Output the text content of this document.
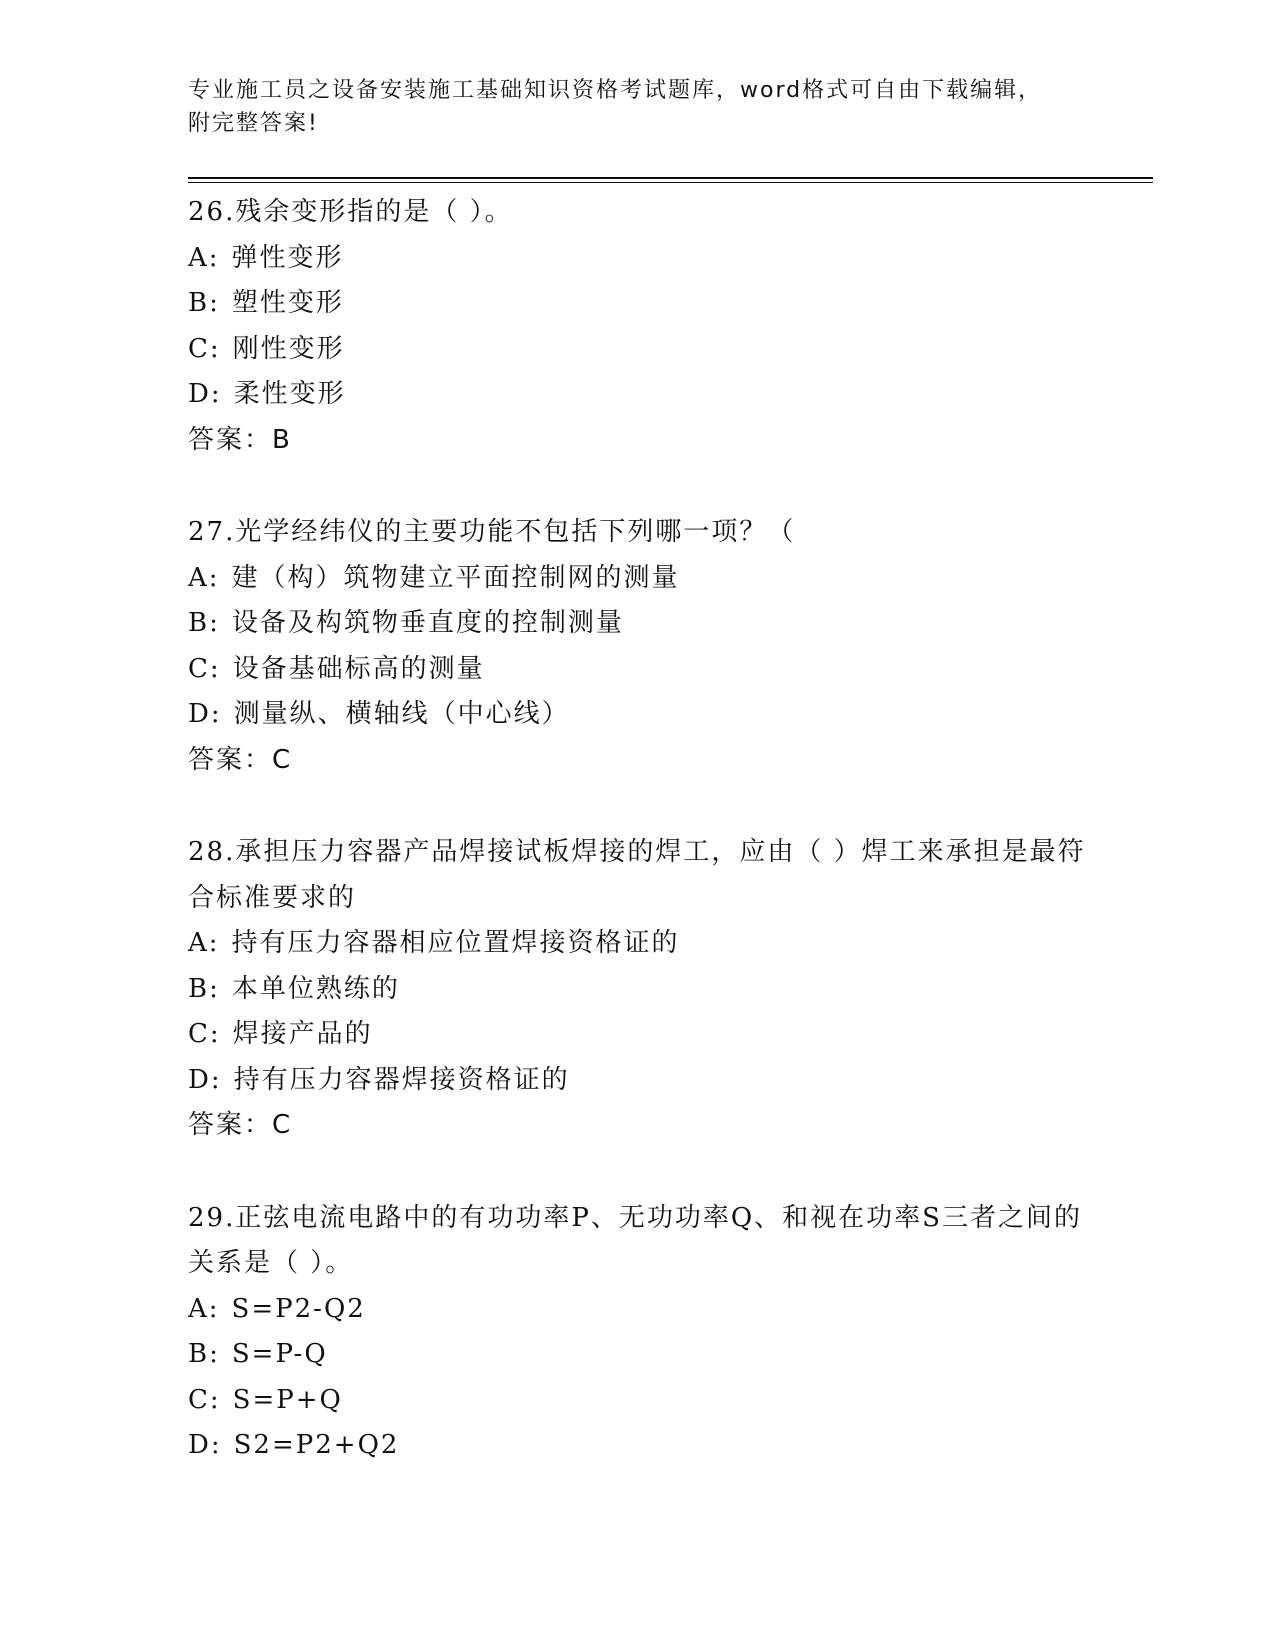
专业施工员之设备安装施工基础知识资格考试题库，word格式可自由下载编辑，
附完整答案!
26.残余变形指的是（ ）。
A: 弹性变形
B: 塑性变形
C: 刚性变形
D: 柔性变形
答案：B
27.光学经纬仪的主要功能不包括下列哪一项？（
A: 建（构）筑物建立平面控制网的测量
B: 设备及构筑物垂直度的控制测量
C: 设备基础标高的测量
D: 测量纵、横轴线（中心线）
答案：C
28.承担压力容器产品焊接试板焊接的焊工，应由（ ）焊工来承担是最符合标准要求的
A: 持有压力容器相应位置焊接资格证的
B: 本单位熟练的
C: 焊接产品的
D: 持有压力容器焊接资格证的
答案：C
29.正弦电流电路中的有功功率P、无功功率Q、和视在功率S三者之间的关系是（ ）。
A: S=P2-Q2
B: S=P-Q
C: S=P+Q
D: S2=P2+Q2
